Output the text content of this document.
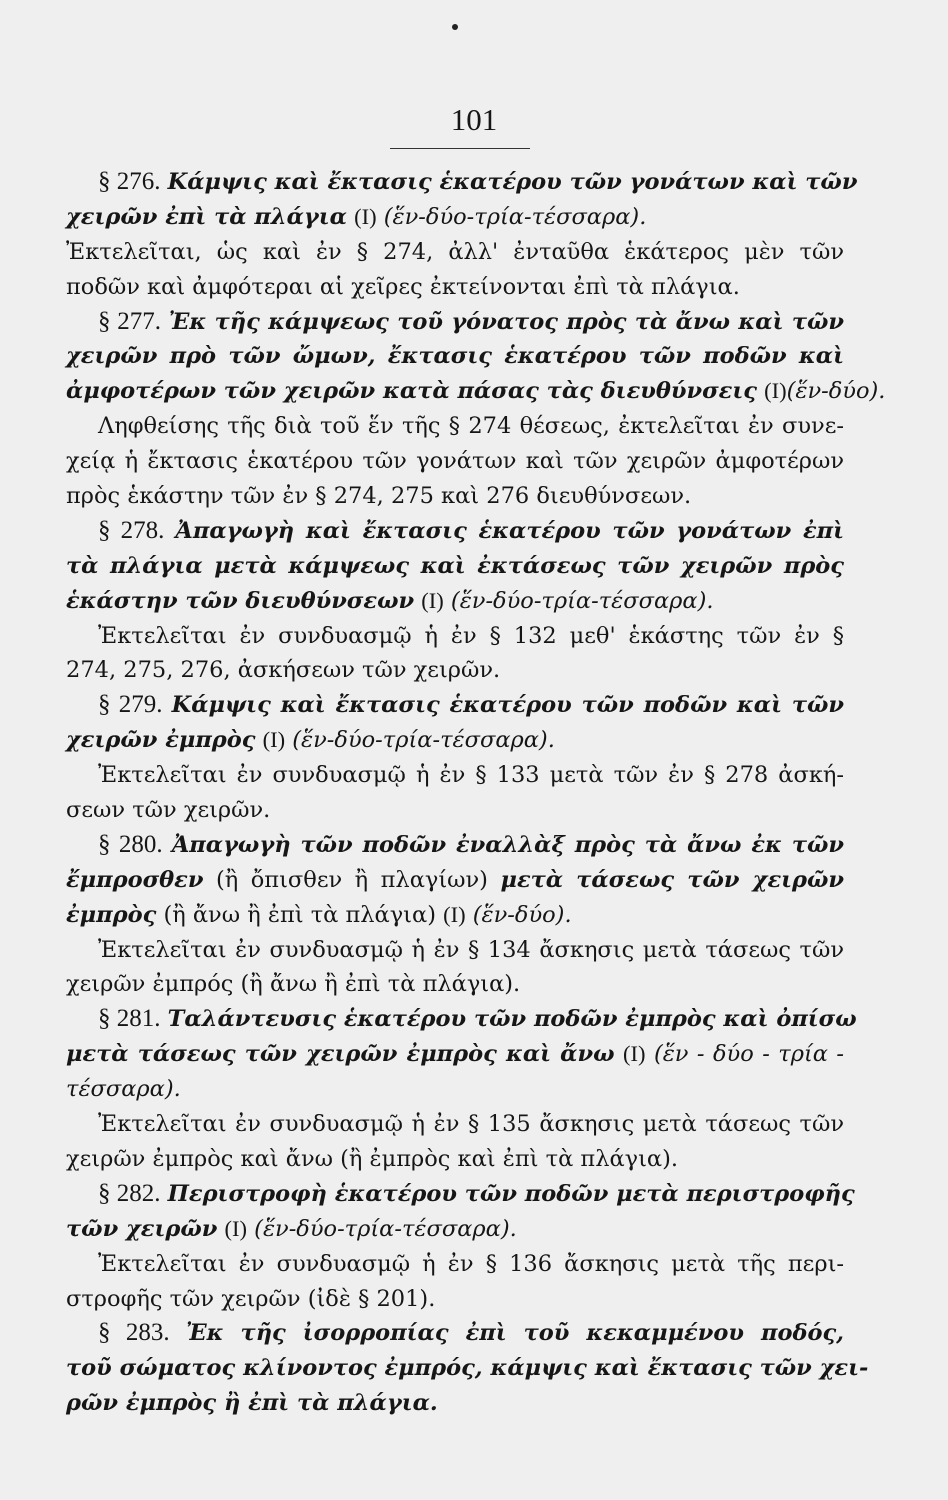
101
§ 276. Κάμψις καὶ ἔκτασις ἑκατέρου τῶν γονάτων καὶ τῶν
χειρῶν ἐπὶ τὰ πλάγια (Ι) (ἕν-δύο-τρία-τέσσαρα).
Ἐκτελεῖται, ὡς καὶ ἐν § 274, ἀλλ' ἐνταῦθα ἑκάτερος μὲν τῶν
ποδῶν καὶ ἀμφότεραι αἱ χεῖρες ἐκτείνονται ἐπὶ τὰ πλάγια.
§ 277. Ἐκ τῆς κάμψεως τοῦ γόνατος πρὸς τὰ ἄνω καὶ τῶν
χειρῶν πρὸ τῶν ὤμων, ἔκτασις ἑκατέρου τῶν ποδῶν καὶ
ἀμφοτέρων τῶν χειρῶν κατὰ πάσας τὰς διευθύνσεις (Ι)(ἕν-δύο).
Ληφθείσης τῆς διὰ τοῦ ἕν τῆς § 274 θέσεως, ἐκτελεῖται ἐν συνε-
χείᾳ ἡ ἔκτασις ἑκατέρου τῶν γονάτων καὶ τῶν χειρῶν ἀμφοτέρων
πρὸς ἑκάστην τῶν ἐν § 274, 275 καὶ 276 διευθύνσεων.
§ 278. Ἀπαγωγὴ καὶ ἔκτασις ἑκατέρου τῶν γονάτων ἐπὶ
τὰ πλάγια μετὰ κάμψεως καὶ ἐκτάσεως τῶν χειρῶν πρὸς
ἑκάστην τῶν διευθύνσεων (Ι) (ἕν-δύο-τρία-τέσσαρα).
Ἐκτελεῖται ἐν συνδυασμῷ ἡ ἐν § 132 μεθ' ἑκάστης τῶν ἐν §
274, 275, 276, ἀσκήσεων τῶν χειρῶν.
§ 279. Κάμψις καὶ ἔκτασις ἑκατέρου τῶν ποδῶν καὶ τῶν
χειρῶν ἐμπρὸς (Ι) (ἕν-δύο-τρία-τέσσαρα).
Ἐκτελεῖται ἐν συνδυασμῷ ἡ ἐν § 133 μετὰ τῶν ἐν § 278 ἀσκή-
σεων τῶν χειρῶν.
§ 280. Ἀπαγωγὴ τῶν ποδῶν ἐναλλὰξ πρὸς τὰ ἄνω ἐκ τῶν
ἔμπροσθεν (ἢ ὄπισθεν ἢ πλαγίων) μετὰ τάσεως τῶν χειρῶν
ἐμπρὸς (ἢ ἄνω ἢ ἐπὶ τὰ πλάγια) (Ι) (ἕν-δύο).
Ἐκτελεῖται ἐν συνδυασμῷ ἡ ἐν § 134 ἄσκησις μετὰ τάσεως τῶν
χειρῶν ἐμπρός (ἢ ἄνω ἢ ἐπὶ τὰ πλάγια).
§ 281. Ταλάντευσις ἑκατέρου τῶν ποδῶν ἐμπρὸς καὶ ὀπίσω
μετὰ τάσεως τῶν χειρῶν ἐμπρὸς καὶ ἄνω (Ι) (ἕν - δύο - τρία -
τέσσαρα).
Ἐκτελεῖται ἐν συνδυασμῷ ἡ ἐν § 135 ἄσκησις μετὰ τάσεως τῶν
χειρῶν ἐμπρὸς καὶ ἄνω (ἢ ἐμπρὸς καὶ ἐπὶ τὰ πλάγια).
§ 282. Περιστροφὴ ἑκατέρου τῶν ποδῶν μετὰ περιστροφῆς
τῶν χειρῶν (Ι) (ἕν-δύο-τρία-τέσσαρα).
Ἐκτελεῖται ἐν συνδυασμῷ ἡ ἐν § 136 ἄσκησις μετὰ τῆς περι-
στροφῆς τῶν χειρῶν (ἰδὲ § 201).
§ 283. Ἐκ τῆς ἰσορροπίας ἐπὶ τοῦ κεκαμμένου ποδός,
τοῦ σώματος κλίνοντος ἐμπρός, κάμψις καὶ ἔκτασις τῶν χει-
ρῶν ἐμπρὸς ἢ ἐπὶ τὰ πλάγια.
